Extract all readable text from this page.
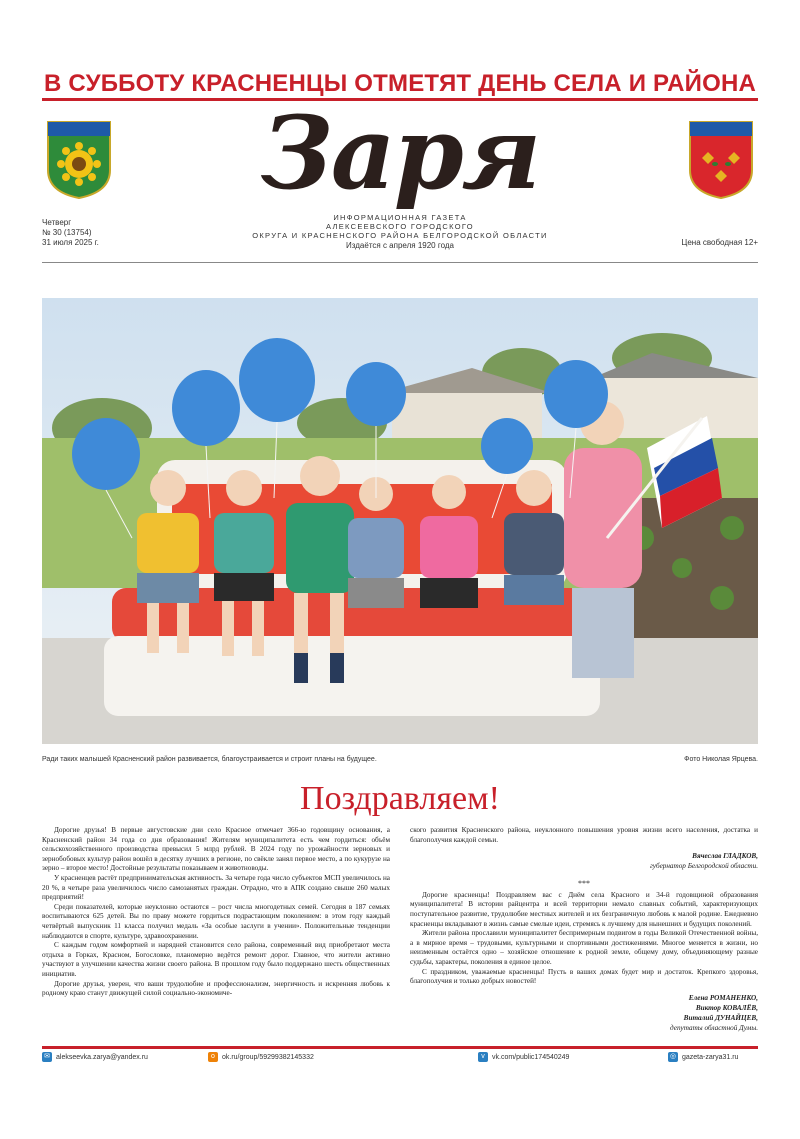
В СУББОТУ КРАСНЕНЦЫ ОТМЕТЯТ ДЕНЬ СЕЛА И РАЙОНА
Заря
Четверг
№ 30 (13754)
31 июля 2025 г.
ИНФОРМАЦИОННАЯ ГАЗЕТА
АЛЕКСЕЕВСКОГО ГОРОДСКОГО
ОКРУГА И КРАСНЕНСКОГО РАЙОНА БЕЛГОРОДСКОЙ ОБЛАСТИ
Издаётся с апреля 1920 года	Цена свободная 12+
Ради таких малышей Красненский район развивается, благоустраивается и строит планы на будущее.	Фото Николая Ярцева.
Поздравляем!

Дорогие друзья! В первые августовские дни село Красное отмечает 366-ю годовщину основания, а Красненский район 34 года со дня образования! Жителям муниципалитета есть чем гордиться: объём сельскохозяйственного производства превысил 5 млрд рублей. В 2024 году по урожайности зерновых и зернобобовых культур район вошёл в десятку лучших в регионе, по свёкле занял первое место, а по кукурузе на зерно – второе место! Достойные результаты показываем и животноводы.

У красненцев растёт предпринимательская активность. За четыре года число субъектов МСП увеличилось на 20 %, в четыре раза увеличилось число самозанятых граждан. Отрадно, что в АПК создано свыше 260 малых предприятий!

Среди показателей, которые неуклонно остаются – рост числа многодетных семей. Сегодня в 187 семьях воспитываются 625 детей. Вы по праву можете гордиться подрастающим поколением: в этом году каждый четвёртый выпускник 11 класса получил медаль «За особые заслуги в учении». Положительные тенденции наблюдаются в спорте, культуре, здравоохранении.

С каждым годом комфортней и нарядней становится село района, современный вид приобретают места отдыха в Горках, Красном, Богословке, планомерно ведётся ремонт дорог. Главное, что жители активно участвуют в улучшении качества жизни своего района. В прошлом году было поддержано шесть общественных инициатив.

Дорогие друзья, уверен, что ваши трудолюбие и профессионализм, энергичность и искренняя любовь к родному краю станут движущей силой социально-экономиче-

ского развития Красненского района, неуклонного повышения уровня жизни всего населения, достатка и благополучия каждой семьи.

Вячеслав ГЛАДКОВ,
губернатор Белгородской области.
***

Дорогие красненцы! Поздравляем вас с Днём села Красного и 34-й годовщиной образования муниципалитета! В истории райцентра и всей территории немало славных событий, характеризующих поступательное развитие, трудолюбие местных жителей и их безграничную любовь к малой родине. Ежедневно красненцы вкладывают в жизнь самые смелые идеи, стремясь к лучшему для нынешних и будущих поколений.

Жители района прославили муниципалитет беспримерным подвигом в годы Великой Отечественной войны, а в мирное время – трудовыми, культурными и спортивными достижениями. Многое меняется в жизни, но неизменным остаётся одно – хозяйское отношение к родной земле, общему дому, объединяющему разные судьбы, характеры, поколения в единое целое.

С праздником, уважаемые красненцы! Пусть в ваших домах будет мир и достаток. Крепкого здоровья, благополучия и только добрых новостей!

Елена РОМАНЕНКО,
Виктор КОВАЛЁВ,
Виталий ДУНАЙЦЕВ,
депутаты областной Думы.
✉ alekseevka.zarya@yandex.ru	o	ok.ru/group/59299382145332	v	vk.com/public174540249	◎ gazeta-zarya31.ru
